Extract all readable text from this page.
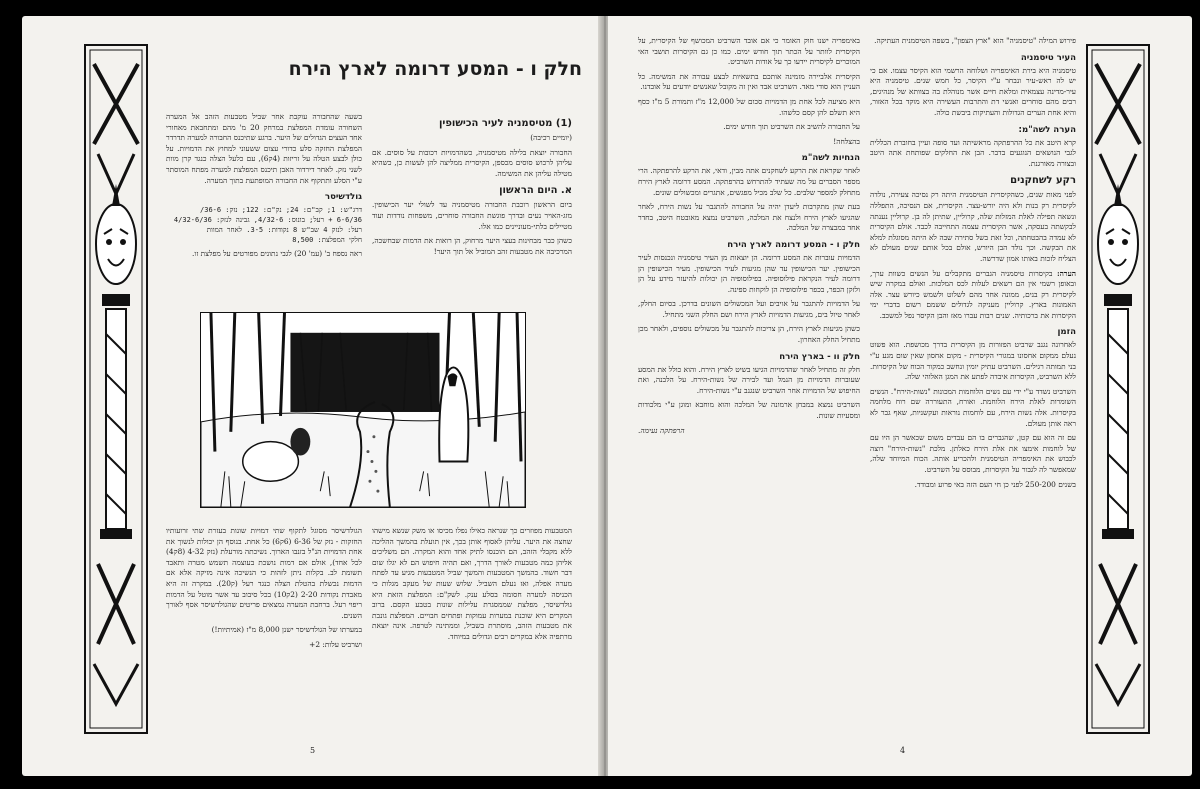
חלק ו - המסע דרומה לארץ הירח
(1) מטיסמניה לעיר הכישופין

(יומיים רכיבה)

החבורה יוצאת בלילה מטיסמניה, כשהדמויות רכובות על סוסים. אם עליהן לרכוש סוסים מכספן, הקיסרית ממליצה להן לעשות כן, כשהיא מטילה עליהן את המשימה.

א. היום הראשון

ביום הראשון רוכבת החבורה מטיסמניה עד לשולי יער הכישופין. מזג-האויר נעים ובדרך פוגשת החבורה סוחרים, משפחות נודדות ועוד מטיילים בלתי-מעוניינים כמו אלו.

כשהן כבר מבחינות בעצי היער מרחוק, הן רואות את הדמות שבחשכה, המרכיבה את מטבעות זהב המוביל אל תוך היער!

בשעה שהחבורה עוקבת אחר שביל מטבעות הזהב אל המערה השחורה עומדת המפלצת במרחק 20 מ' מהם ומתחבאת מאחורי אחד העצים הגדולים של היער. ברגע שתיכנס החבורה למערה תדרדר המפלצת החזקה סלע כדורי עצום ששעוני למחוץ את הדמויות. על כולן לבצע הטלה על זריזות (4ק6), עם כלעל הצלה כנגד קרן מוות לשני נזק. לאחר דירדור האבן תיכנס המפלצת למערה מפתח המוסתר ע"י הסלע ותתקוף את החבורה המופתעת בתוך המערה.

גולדשיסר

דרג"ש: 1; קב"ם: 24; נק"ם: 122; נזק: 36-6/
6-6/36 + רעל; בונוס: 4/32-6, גבינה לנזק: 4/32-6/36
רעל: לנזק 4 שב"ש 8 נקודות: 3-5. לאחר המוות
חלקי המפלצת: 8,500

ראה נספח ב' (עמ' 20) לגבי נתונים מפורטים על מפלצת זו.

המטבעות מפוזרים כך שנראה כאילו נפלו מכיסו או משק שנשא מישהו שחצה את היער. עליהן לאסוף אותן בכך, אין תועלת בהמשך ההליכה ללא מקבלי הזהב, הם הוכנסו לתיק אחד והוא המקרה. הם משליכים אליהן כמה מטבעות לאורך הדרך, ואם תהיה חיפוש הם לא יגלו שום דבר חשוד. בהמשך המטבעות והמשך שביל המטבעות מגיע עד לפתח מערה אפלה, ואז נעלם השביל. שלוש שעות של מעקב מגלות כי הכניסה למערה חסומה בסלע ענק. לשק"ם: המפלצת הזאת היא גולדשיסר, מפלצת שממסגרת עלילות שונות בטבע הקסם. ברוב המקרים היא שוכנת במערות עמוקות ופתחים חבויים. המפלצת גונבת את מטבעות הזהב, מוסתרת בשביל, וממתינה לטרפה. אינה יוצאת מרתפיה אלא במקרים רבים וגדולים במיוחד.

הגולדשיסר מסוגל לתקוף שתי דמויות שונות בעזרת שתי זרועותיו החזקות - נזק של 6-36 (6ק6) כל אחת. בנוסף הן יכולות לנשוך את אחת הדמויות הנ"ל בזנבו הארוך. נשיכתה מורעלת (נזק 4-32 (8ק4) לכל אחד), אולם אם דמות נושכת בעוצמה תשמש מטרה ותאבד תשומת לב. בקלות ניתן לזהות כי הנשיכה אינה מזיקה אלא אם הדמות נכשלת בהטלת הצלה כנגד רעל (ק20). במקרה זה היא מאבדת נקודות 2-20 (2ק10) בכל סיבוב עד אשר מוטל על הדמות ריפוי רעל. ברחבת המערה נמצאים פריטים שהגולדשיסר אסף לאורך השנים.

במערתו של הגולדשיסר ישנן 8,000 מ"ז (אמיתיות!)

ושרביט עלות: 2+

5

פירוש המילה "טיסמניה" הוא "ארץ הצפון", בשפה הטיסמנית העתיקה.

העיר טיסמניה

טיסמניה היא בירת האימפריה ושלוחה הרשמי הוא הקיסר עצמו. אם כי יש לה ראש-עיר ונבחר ע"י הקיסר, כל חמש שנים. טיסמניה היא עיר-מדינה עצמאית ומלאת חיים אשר מנוהלת בה בצוותא של מנהיגים, רבים מהם סוחרים ואנשי דת והתרבות העשירה היא מוקד בכל האזור, והיא אחת הערים הגדולות והעתיקות ביבשת כולה.

הערה לשה"מ:

קרא היטב את כל ההרפתקה מראשיתה ועד סופה ועיין בחוברת הכללית לגבי הנושאים הנוגעים בדבר. הבן את החלקים שפותחת אתה היטב ובצורה מאורגנת.

רקע לשחקנים

לפני מאות שנים, כשהקיסרית הטיסמנית היתה רק נסיכה צעירה, נולדה לקיסרית רק בנות ולא היה יורש-עצר. הקיסרית, אם הנסיכה, התפללה ונשאה תפילה לאלת המזלות שלה, קרוליין, שתיתן לה בן. קרוליין נענתה לבקשתה בעסקה, אשר הקיסרית עצמה התחייבה לכבד. אולם הקיסרית לא עמדה בהבטחתה, וכל זאת בשל סתירה שבה לא היתה מסוגלת למלא את הבקשה. וכך נולד הבן היורש, אולם בכל אותם שנים מעולם לא הצליח לזכות באותו אמון שדרשה.

הערה: בקיסרות טיסמניה הגברים מתקבלים על הנשים כשוות ערך, ובאופן רשמי אין הם רשאים לעלות לכס המלכות. ואולם במקרה שיש לקיסרית רק בנים, ממונה אחד מהם לשלוט ולשמש כיורש עצר. אלה האמונות בארץ. קרוליין מעניקה לגדולים ששמם רשום בדברי ימי הקיסרות את ברכותיה. שנים רבות עברו מאז והבן הקיסר נפל למשכב.

הזמן

לאחרונה נגנב שרביט הפזורות מן הקיסרית בדרך מכושפת. הוא פשוט נעלם ממקום אחסונו במגורי הקיסרית - מקום אחסון שאין שום מגע ע"י בני תמותה רגילים. השרביט עתיק יומין ונחשב כמקור הכוח של הקיסרות. ללא השרביט, הקיסרות איבדה לפתע את המגן האלוהי שלה.

השרביט נשדד ע"י ידי עם נשים הלוחמות המכונות "נשות-הירח". הנשים השומרות לאלת הירח הלוחמת. ואורח, התעוררה שם רוח מלחמה בקיסרות. אלה נשות הירח, עם לוחמות נוראות ועקשניות, שאף גבר לא ראה אותן מעולם.

עם זה הוא עם קטן, שהגברים בו הם עבדים משום שכאשר הן היו עם של לוחמות אימצו את אלת הירח כאלתן. מלכת "נשות-הירח" רוצה לכבוש את האימפריה הטיסמנית ולהכריע אותה. הכוח המיוחד שלה, שמאפשר לה לגבור על הקיסרות, מבוסס על השרביט.

בשנים 250-200 לפני כן חי העם הזה באי פרוע ומבודד.

באימפריה ישנו חוק האומר כי אם אובד השרביט המכושף של הקיסרית, על הקיסרית לוותר על הכתר תוך חודש ימים. כמו כן גם הקיסרות תושבי האי המוכרים לקיסרית יידעו כך על אודות השרביט.

הקיסרית אלביירה מזמינה אותכם בתשאיות לבצע עבורה את המשימה. כל העניין הוא סודי מאד. השרביט אבד ואין זה מקובל שאנשים יודעים על אובדנו.

היא מציעה לכל אחת מן הדמויות סכום של 12,000 מ"ז ותמורת 5 מ"ז כסף היא תשלם להן קסם כלשהו.

על החבורה להשיב את השרביט תוך חודש ימים.

בהצלחה!

הנחיות לשה"מ

לאחר שקראת את הרקע לשחקנים אתה מבין, ודאי, את הרקע להרפתקה. הרי מספר הסברים על מה שעתיד להתרחש בהרפתקה. המסע דרומה לארץ הירח מתחלק למספר שלבים. כל שלב מכיל מפגשים, אתגרים ומכשולים שונים.

בעת שהן מתקרבות ליעדן יהיה על החבורה להתגבר על נשות הירח, לאחר שהגיעו לארץ הירח ולנצח את המלכה, השרביט נמצא מאובטח היטב, בחדר אחד במבצרה של המלכה.

חלק ו - המסע דרומה לארץ הירח

הדמויות עוברות את המסע דרומה. הן יוצאות מן העיר טיסמניה ונכנסות לעיר הכישופין. יער הכישופין עד שהן מגיעות לעיר הכישופין. מעיר הכישופין הן דרומה לעיר הנקראת פילוסופיה. בפילוסופיה הן יכולות להיעזר מידע על הן ולזקן הכפר, בכפר פילוסופיה הן לוקחות ספינה.

על הדמויות להתגבר על אויבים ועל המכשולים השונים בדרכן. בסיום החלק, לאחר טיול בים, מגיעות הדמויות לארץ הירח ושם החלק השני מתחיל.

כשהן מגיעות לארץ הירח, הן צריכות להתגבר על מכשולים נוספים, ולאחר מכן מתחיל החלק האחרון.

חלק וו - בארץ הירח

חלק זה מתחיל לאחר שהדמויות הגיעו בשיט לארץ הירח. והוא כולל את המסע שעוברות הדמויות מן הנמל ועד לבירה של נשות-הירח. על הלבנה, ואת החיפוש של הדמויות אחר השרביט שנגנב ע"י נשות-הירח.

השרביט נמצא במבחן ארמונה של המלכה והוא מוחבא ומוגן ע"י מלכודות ומסעיות שונות.

הרפתקה נעימה.

4
